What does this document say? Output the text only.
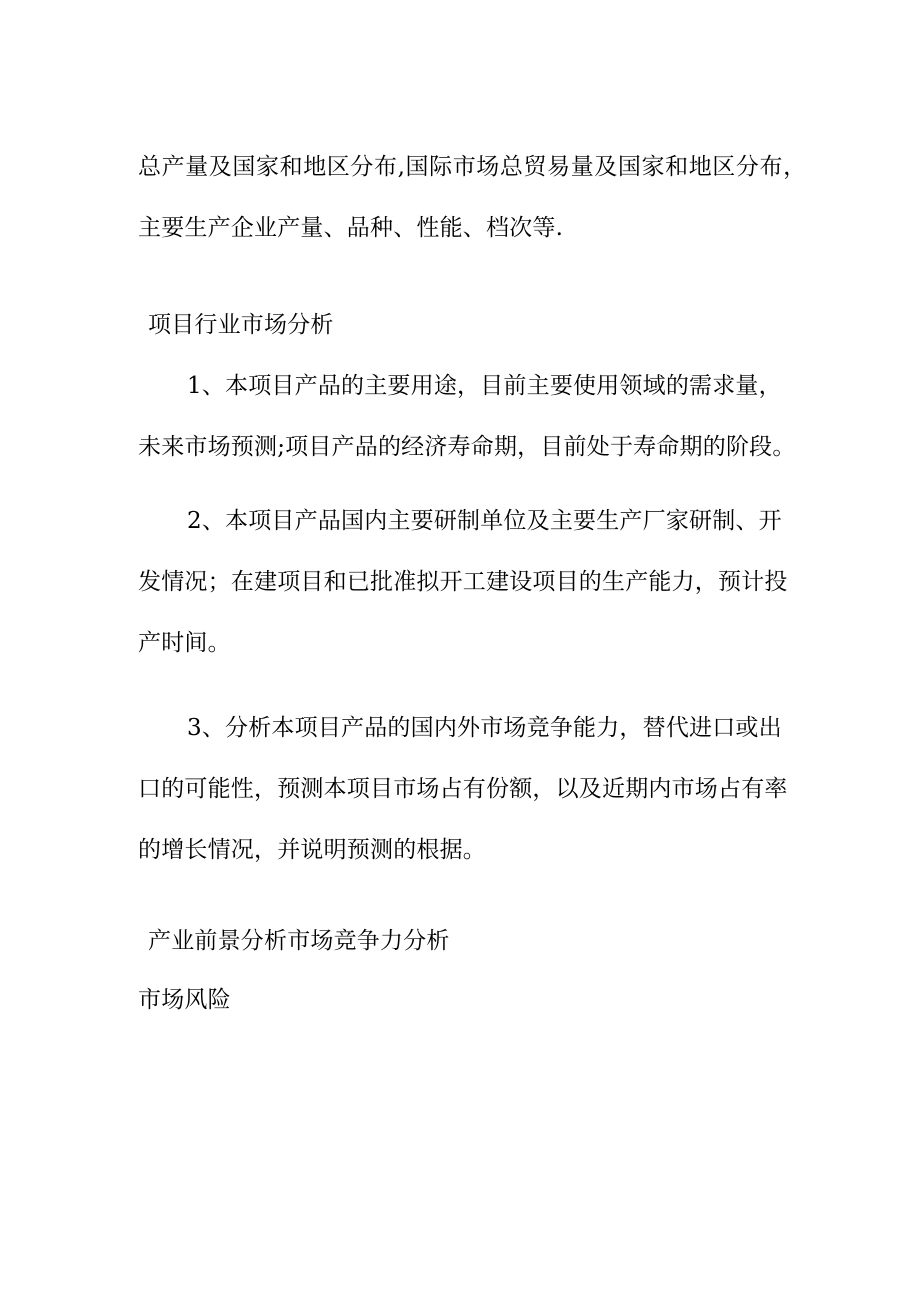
总产量及国家和地区分布,国际市场总贸易量及国家和地区分布，
主要生产企业产量、品种、性能、档次等.
项目行业市场分析
1、本项目产品的主要用途，目前主要使用领域的需求量，
未来市场预测;项目产品的经济寿命期，目前处于寿命期的阶段。
2、本项目产品国内主要研制单位及主要生产厂家研制、开
发情况；在建项目和已批准拟开工建设项目的生产能力，预计投
产时间。
3、分析本项目产品的国内外市场竞争能力，替代进口或出
口的可能性，预测本项目市场占有份额，以及近期内市场占有率
的增长情况，并说明预测的根据。
产业前景分析市场竞争力分析
市场风险
